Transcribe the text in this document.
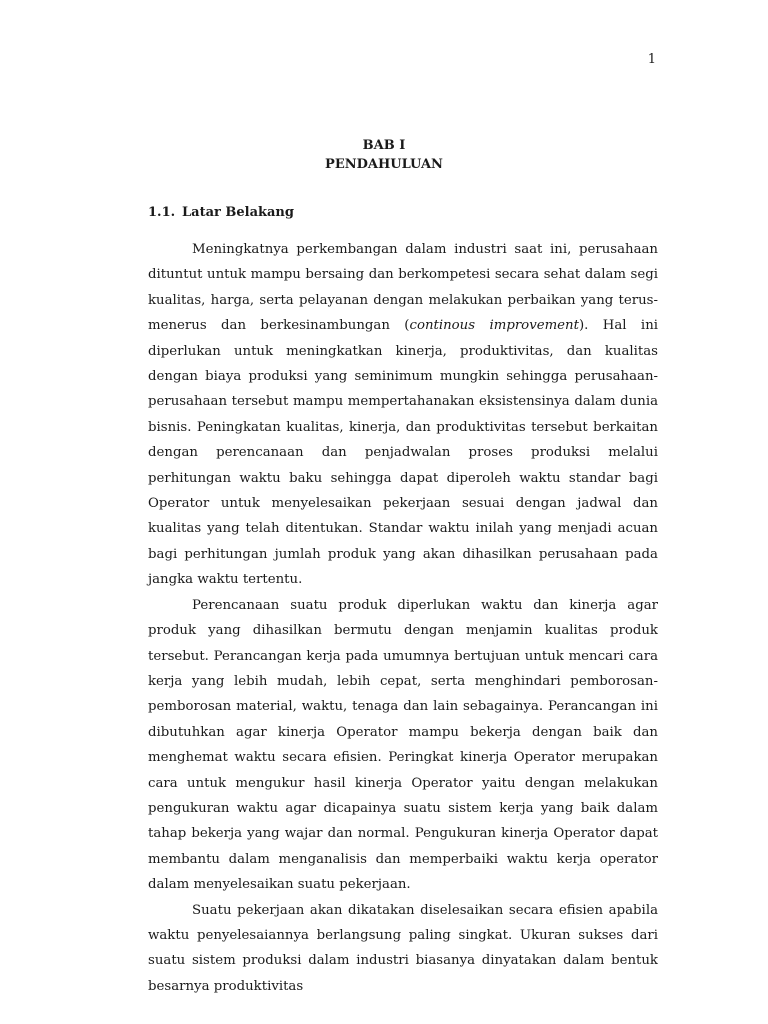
1
BAB I
PENDAHULUAN
1.1. Latar Belakang

Meningkatnya perkembangan dalam industri saat ini, perusahaan dituntut untuk mampu bersaing dan berkompetesi secara sehat dalam segi kualitas, harga, serta pelayanan dengan melakukan perbaikan yang terus-menerus dan berkesinambungan (continous improvement). Hal ini diperlukan untuk meningkatkan kinerja, produktivitas, dan kualitas dengan biaya produksi yang seminimum mungkin sehingga perusahaan-perusahaan tersebut mampu mempertahanakan eksistensinya dalam dunia bisnis. Peningkatan kualitas, kinerja, dan produktivitas tersebut berkaitan dengan perencanaan dan penjadwalan proses produksi melalui perhitungan waktu baku sehingga dapat diperoleh waktu standar bagi Operator untuk menyelesaikan pekerjaan sesuai dengan jadwal dan kualitas yang telah ditentukan. Standar waktu inilah yang menjadi acuan bagi perhitungan jumlah produk yang akan dihasilkan perusahaan pada jangka waktu tertentu.

Perencanaan suatu produk diperlukan waktu dan kinerja agar produk yang dihasilkan bermutu dengan menjamin kualitas produk tersebut. Perancangan kerja pada umumnya bertujuan untuk mencari cara kerja yang lebih mudah, lebih cepat, serta menghindari pemborosan-pemborosan material, waktu, tenaga dan lain sebagainya. Perancangan ini dibutuhkan agar kinerja Operator mampu bekerja dengan baik dan menghemat waktu secara efisien. Peringkat kinerja Operator merupakan cara untuk mengukur hasil kinerja Operator yaitu dengan melakukan pengukuran waktu agar dicapainya suatu sistem kerja yang baik dalam tahap bekerja yang wajar dan normal. Pengukuran kinerja Operator dapat membantu dalam menganalisis dan memperbaiki waktu kerja operator dalam menyelesaikan suatu pekerjaan.

Suatu pekerjaan akan dikatakan diselesaikan secara efisien apabila waktu penyelesaiannya berlangsung paling singkat. Ukuran sukses dari suatu sistem produksi dalam industri biasanya dinyatakan dalam bentuk besarnya produktivitas
